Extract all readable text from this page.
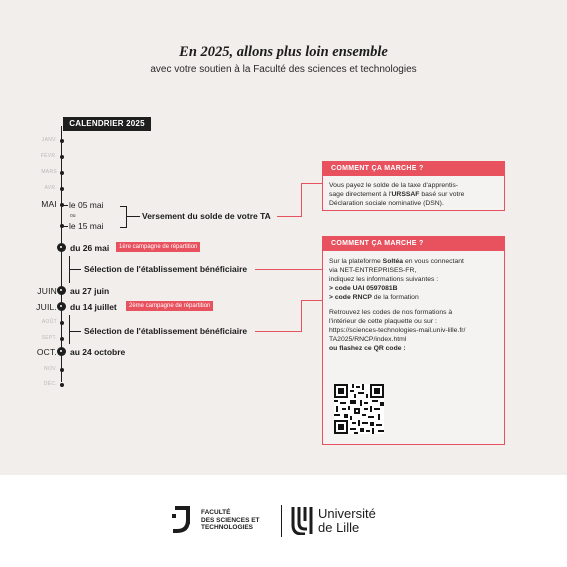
En 2025, allons plus loin ensemble
avec votre soutien à la Faculté des sciences et technologies
CALENDRIER 2025
JANV.
FÉVR.
MARS
AVR.
MAI
JUIN
JUIL.
AOÛT
SEPT.
OCT.
NOV.
DÉC.
le 05 mai
ou
le 15 mai
Versement du solde de votre TA
du 26 mai	1ère campagne de répartition
Sélection de l'établissement bénéficiaire
au 27 juin
du 14 juillet	2ème campagne de répartition
Sélection de l'établissement bénéficiaire
au 24 octobre
COMMENT ÇA MARCHE ?
Vous payez le solde de la taxe d'apprentis-
sage directement à l'URSSAF basé sur votre
Déclaration sociale nominative (DSN).
COMMENT ÇA MARCHE ?
Sur la plateforme Soltéa en vous connectant
via NET-ENTREPRISES-FR,
indiquez les informations suivantes :
> code UAI 0597081B
> code RNCP de la formation
Retrouvez les codes de nos formations à
l'intérieur de cette plaquette ou sur :
https://sciences-technologies-mail.univ-lille.fr/
TA2025/RNCP/index.html
ou flashez ce QR code :
FACULTÉ
DES SCIENCES ET
TECHNOLOGIES
Université
de Lille
